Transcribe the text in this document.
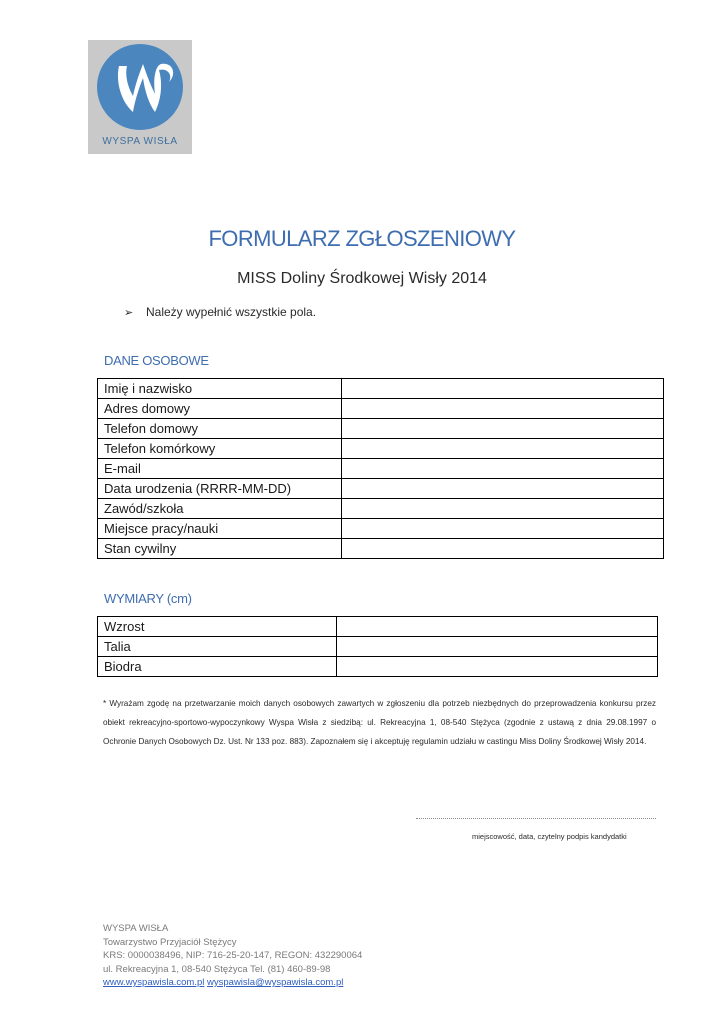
WYSPA WISŁA
FORMULARZ ZGŁOSZENIOWY
MISS Doliny Środkowej Wisły 2014
➢	Należy wypełnić wszystkie pola.
DANE OSOBOWE
Imię i nazwisko	
Adres domowy	
Telefon domowy	
Telefon komórkowy	
E-mail	
Data urodzenia (RRRR-MM-DD)	
Zawód/szkoła	
Miejsce pracy/nauki	
Stan cywilny	
WYMIARY (cm)
Wzrost	
Talia	
Biodra	
* Wyrażam zgodę na przetwarzanie moich danych osobowych zawartych w zgłoszeniu dla potrzeb niezbędnych do przeprowadzenia konkursu przez obiekt rekreacyjno-sportowo-wypoczynkowy Wyspa Wisła z siedzibą: ul. Rekreacyjna 1, 08-540 Stężyca (zgodnie z ustawą z dnia 29.08.1997 o Ochronie Danych Osobowych Dz. Ust. Nr 133 poz. 883). Zapoznałem się i akceptuję regulamin udziału w castingu Miss Doliny Środkowej Wisły 2014.
miejscowość, data, czytelny podpis kandydatki
WYSPA WISŁA
Towarzystwo Przyjaciół Stężycy
KRS: 0000038496, NIP: 716-25-20-147, REGON: 432290064
ul. Rekreacyjna 1, 08-540 Stężyca Tel. (81) 460-89-98
www.wyspawisla.com.pl wyspawisla@wyspawisla.com.pl
